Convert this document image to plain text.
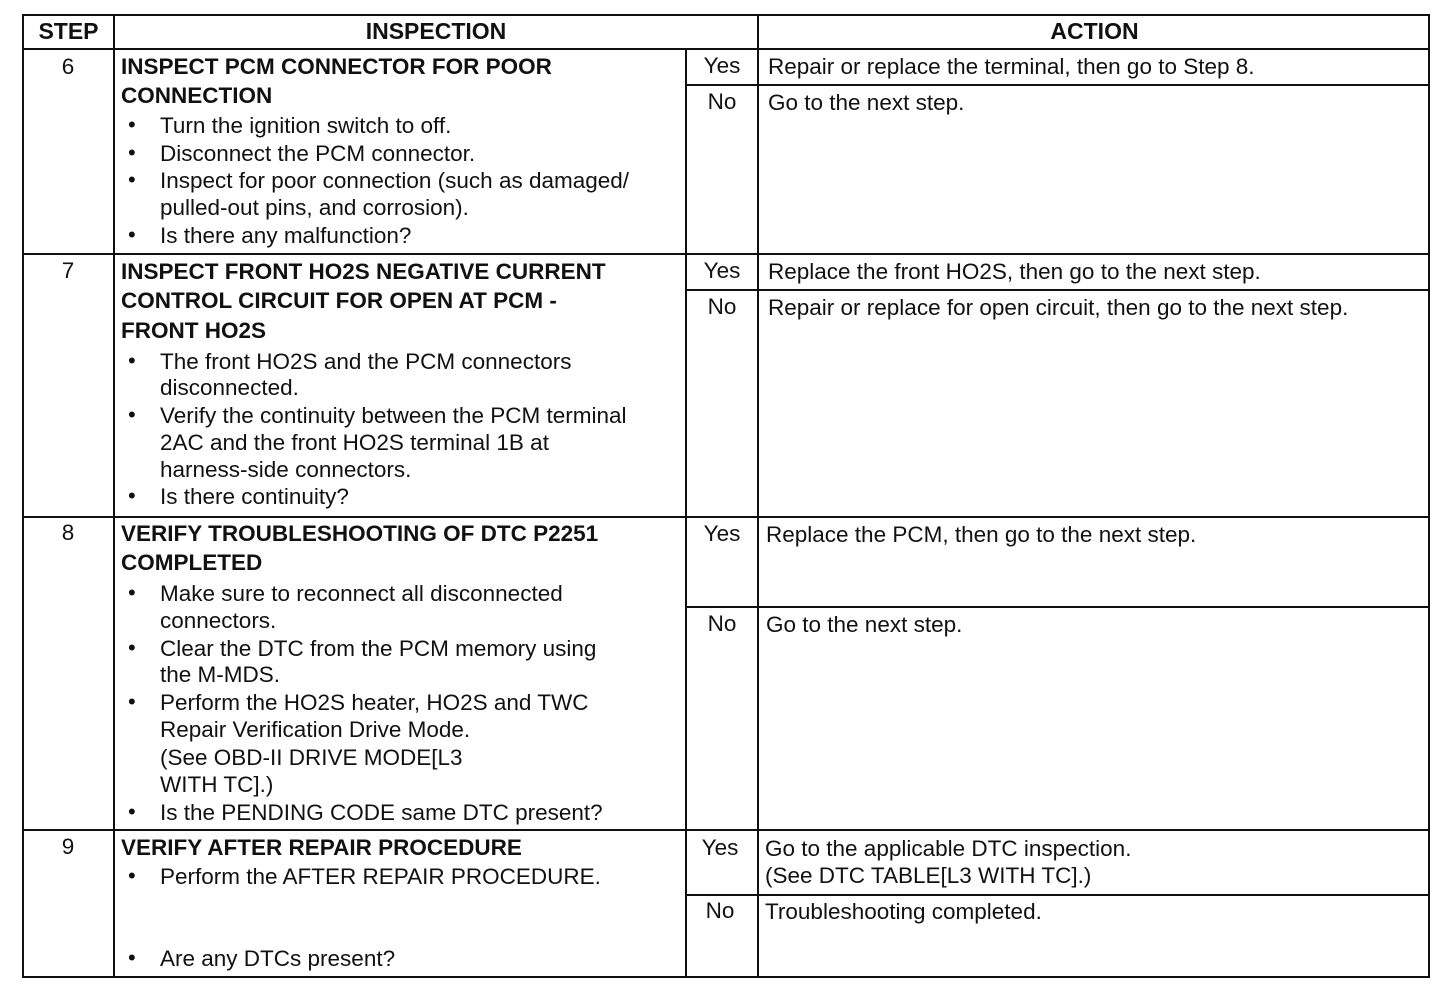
STEP	INSPECTION	ACTION
6	INSPECT PCM CONNECTOR FOR POOR
CONNECTION
• Turn the ignition switch to off.
• Disconnect the PCM connector.
• Inspect for poor connection (such as damaged/
pulled-out pins, and corrosion).
• Is there any malfunction?
Yes	Repair or replace the terminal, then go to Step 8.
No	Go to the next step.
7	INSPECT FRONT HO2S NEGATIVE CURRENT
CONTROL CIRCUIT FOR OPEN AT PCM -
FRONT HO2S
• The front HO2S and the PCM connectors
disconnected.
• Verify the continuity between the PCM terminal
2AC and the front HO2S terminal 1B at
harness-side connectors.
• Is there continuity?
Yes	Replace the front HO2S, then go to the next step.
No	Repair or replace for open circuit, then go to the next step.
8	VERIFY TROUBLESHOOTING OF DTC P2251
COMPLETED
• Make sure to reconnect all disconnected
connectors.
• Clear the DTC from the PCM memory using
the M-MDS.
• Perform the HO2S heater, HO2S and TWC
Repair Verification Drive Mode.
(See OBD-II DRIVE MODE[L3
WITH TC].)
• Is the PENDING CODE same DTC present?
Yes	Replace the PCM, then go to the next step.
No	Go to the next step.
9	VERIFY AFTER REPAIR PROCEDURE
• Perform the AFTER REPAIR PROCEDURE.
• Are any DTCs present?
Yes	Go to the applicable DTC inspection.
(See DTC TABLE[L3 WITH TC].)
No	Troubleshooting completed.
